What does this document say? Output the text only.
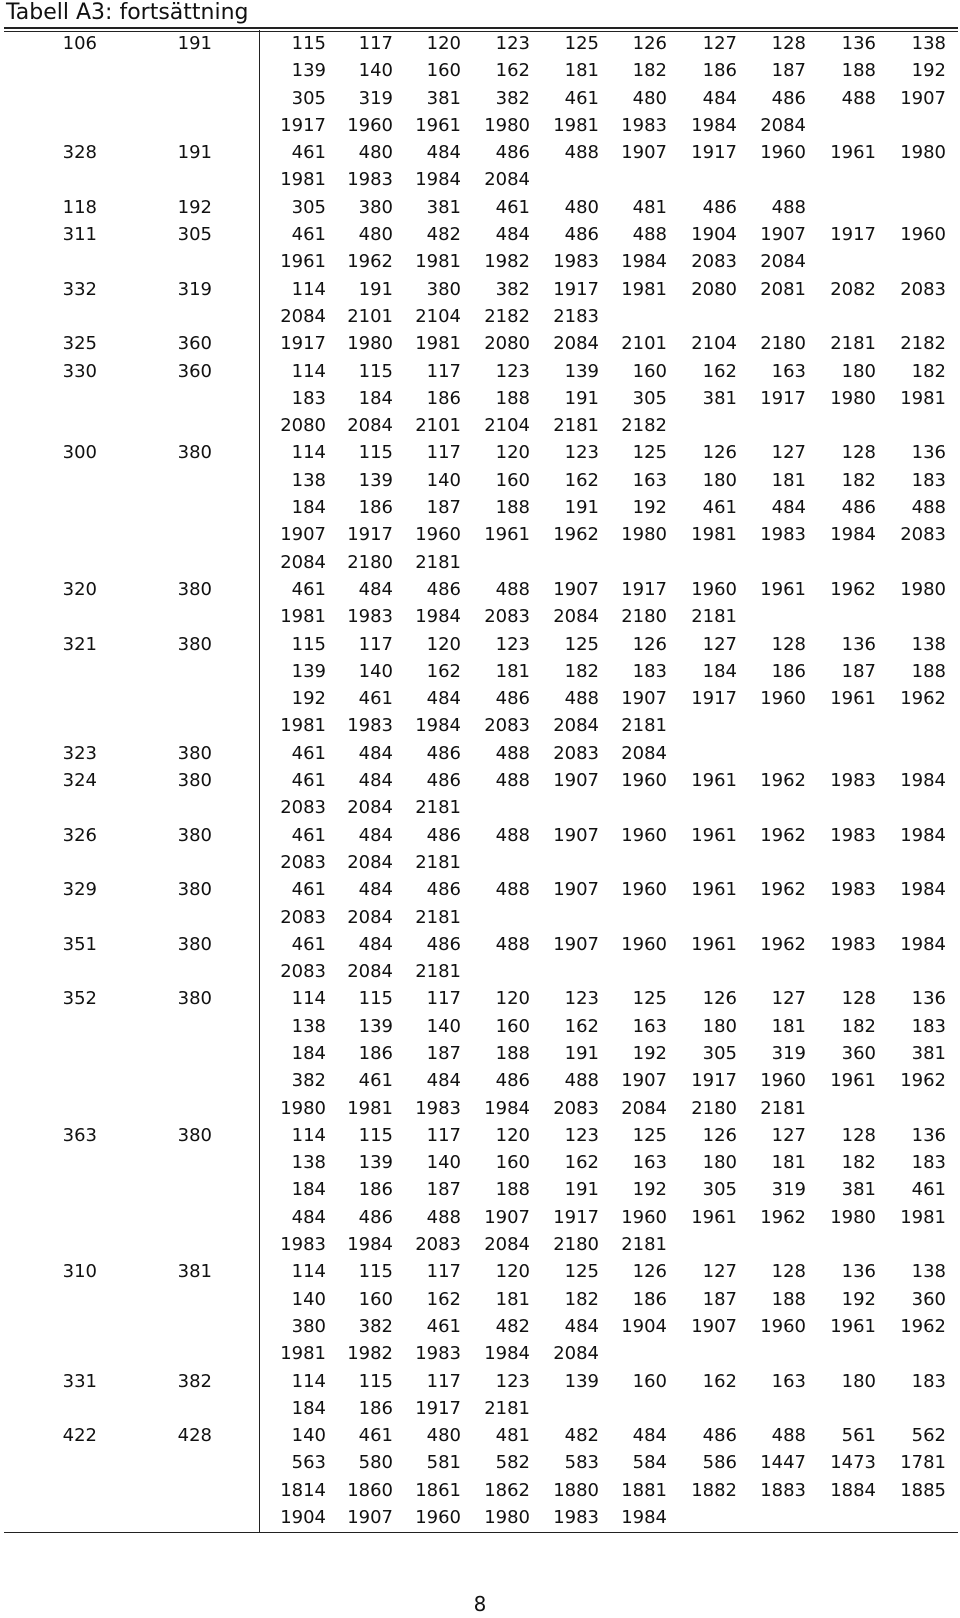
Tabell A3: fortsättning
106	191	115 117 120 123 125 126 127 128 136 138
139 140 160 162 181 182 186 187 188 192
305 319 381 382 461 480 484 486 488 1907
1917 1960 1961 1980 1981 1983 1984 2084
328	191	461 480 484 486 488 1907 1917 1960 1961 1980
1981 1983 1984 2084
118	192	305 380 381 461 480 481 486 488
311	305	461 480 482 484 486 488 1904 1907 1917 1960
1961 1962 1981 1982 1983 1984 2083 2084
332	319	114 191 380 382 1917 1981 2080 2081 2082 2083
2084 2101 2104 2182 2183
325	360	1917 1980 1981 2080 2084 2101 2104 2180 2181 2182
330	360	114 115 117 123 139 160 162 163 180 182
183 184 186 188 191 305 381 1917 1980 1981
2080 2084 2101 2104 2181 2182
300	380	114 115 117 120 123 125 126 127 128 136
138 139 140 160 162 163 180 181 182 183
184 186 187 188 191 192 461 484 486 488
1907 1917 1960 1961 1962 1980 1981 1983 1984 2083
2084 2180 2181
320	380	461 484 486 488 1907 1917 1960 1961 1962 1980
1981 1983 1984 2083 2084 2180 2181
321	380	115 117 120 123 125 126 127 128 136 138
139 140 162 181 182 183 184 186 187 188
192 461 484 486 488 1907 1917 1960 1961 1962
1981 1983 1984 2083 2084 2181
323	380	461 484 486 488 2083 2084
324	380	461 484 486 488 1907 1960 1961 1962 1983 1984
2083 2084 2181
326	380	461 484 486 488 1907 1960 1961 1962 1983 1984
2083 2084 2181
329	380	461 484 486 488 1907 1960 1961 1962 1983 1984
2083 2084 2181
351	380	461 484 486 488 1907 1960 1961 1962 1983 1984
2083 2084 2181
352	380	114 115 117 120 123 125 126 127 128 136
138 139 140 160 162 163 180 181 182 183
184 186 187 188 191 192 305 319 360 381
382 461 484 486 488 1907 1917 1960 1961 1962
1980 1981 1983 1984 2083 2084 2180 2181
363	380	114 115 117 120 123 125 126 127 128 136
138 139 140 160 162 163 180 181 182 183
184 186 187 188 191 192 305 319 381 461
484 486 488 1907 1917 1960 1961 1962 1980 1981
1983 1984 2083 2084 2180 2181
310	381	114 115 117 120 125 126 127 128 136 138
140 160 162 181 182 186 187 188 192 360
380 382 461 482 484 1904 1907 1960 1961 1962
1981 1982 1983 1984 2084
331	382	114 115 117 123 139 160 162 163 180 183
184 186 1917 2181
422	428	140 461 480 481 482 484 486 488 561 562
563 580 581 582 583 584 586 1447 1473 1781
1814 1860 1861 1862 1880 1881 1882 1883 1884 1885
1904 1907 1960 1980 1983 1984
8
